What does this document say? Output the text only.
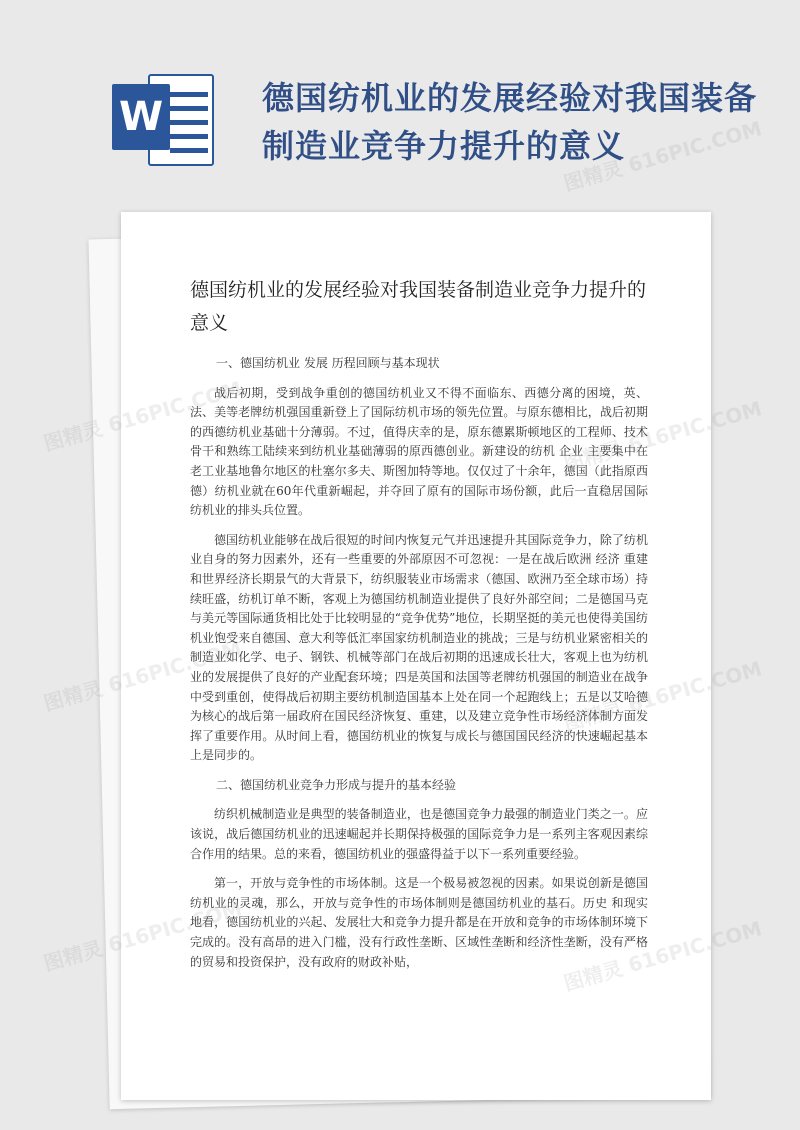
W	德国纺机业的发展经验对我国装备制造业竞争力提升的意义
德国纺机业的发展经验对我国装备制造业竞争力提升的意义

一、德国纺机业 发展 历程回顾与基本现状

战后初期，受到战争重创的德国纺机业又不得不面临东、西德分离的困境，英、法、美等老牌纺机强国重新登上了国际纺机市场的领先位置。与原东德相比，战后初期的西德纺机业基础十分薄弱。不过，值得庆幸的是，原东德累斯顿地区的工程师、技术骨干和熟练工陆续来到纺机业基础薄弱的原西德创业。新建设的纺机 企业 主要集中在老工业基地鲁尔地区的杜塞尔多夫、斯图加特等地。仅仅过了十余年，德国（此指原西德）纺机业就在60年代重新崛起，并夺回了原有的国际市场份额，此后一直稳居国际纺机业的排头兵位置。

德国纺机业能够在战后很短的时间内恢复元气并迅速提升其国际竞争力，除了纺机业自身的努力因素外，还有一些重要的外部原因不可忽视：一是在战后欧洲 经济 重建和世界经济长期景气的大背景下，纺织服装业市场需求（德国、欧洲乃至全球市场）持续旺盛，纺机订单不断，客观上为德国纺机制造业提供了良好外部空间；二是德国马克与美元等国际通货相比处于比较明显的“竞争优势”地位，长期坚挺的美元也使得美国纺机业饱受来自德国、意大利等低汇率国家纺机制造业的挑战；三是与纺机业紧密相关的制造业如化学、电子、钢铁、机械等部门在战后初期的迅速成长壮大，客观上也为纺机业的发展提供了良好的产业配套环境；四是英国和法国等老牌纺机强国的制造业在战争中受到重创，使得战后初期主要纺机制造国基本上处在同一个起跑线上；五是以艾哈德为核心的战后第一届政府在国民经济恢复、重建，以及建立竞争性市场经济体制方面发挥了重要作用。从时间上看，德国纺机业的恢复与成长与德国国民经济的快速崛起基本上是同步的。

二、德国纺机业竞争力形成与提升的基本经验

纺织机械制造业是典型的装备制造业，也是德国竞争力最强的制造业门类之一。应该说，战后德国纺机业的迅速崛起并长期保持极强的国际竞争力是一系列主客观因素综合作用的结果。总的来看，德国纺机业的强盛得益于以下一系列重要经验。

第一，开放与竞争性的市场体制。这是一个极易被忽视的因素。如果说创新是德国纺机业的灵魂，那么，开放与竞争性的市场体制则是德国纺机业的基石。历史 和现实地看，德国纺机业的兴起、发展壮大和竞争力提升都是在开放和竞争的市场体制环境下完成的。没有高昂的进入门槛，没有行政性垄断、区域性垄断和经济性垄断，没有严格的贸易和投资保护，没有政府的财政补贴，

图精灵 616PIC.COM
图精灵
图精灵
图精灵
